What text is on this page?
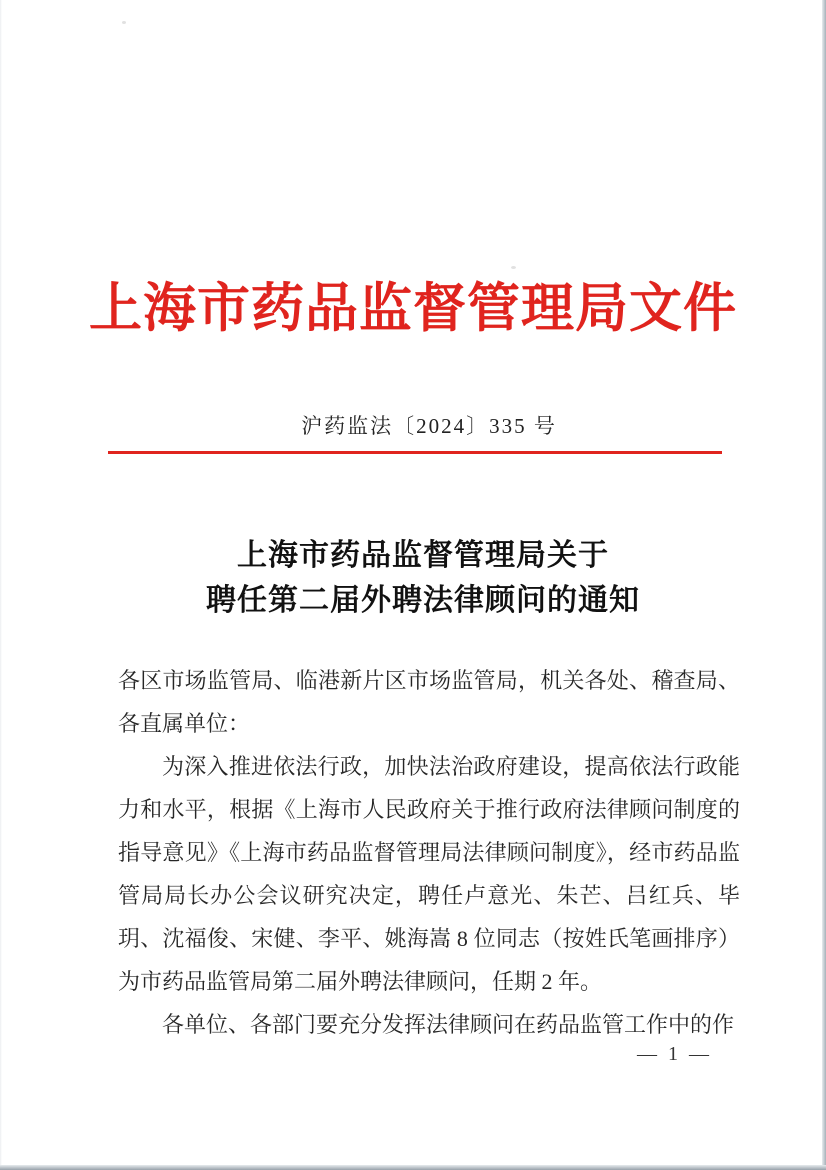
上海市药品监督管理局文件
沪药监法〔2024〕335 号
上海市药品监督管理局关于
聘任第二届外聘法律顾问的通知

各区市场监管局、临港新片区市场监管局，机关各处、稽查局、各直属单位：

为深入推进依法行政，加快法治政府建设，提高依法行政能力和水平，根据《上海市人民政府关于推行政府法律顾问制度的指导意见》《上海市药品监督管理局法律顾问制度》，经市药品监管局局长办公会议研究决定，聘任卢意光、朱芒、吕红兵、毕玥、沈福俊、宋健、李平、姚海嵩 8 位同志（按姓氏笔画排序）为市药品监管局第二届外聘法律顾问，任期 2 年。

各单位、各部门要充分发挥法律顾问在药品监管工作中的作

— 1 —
